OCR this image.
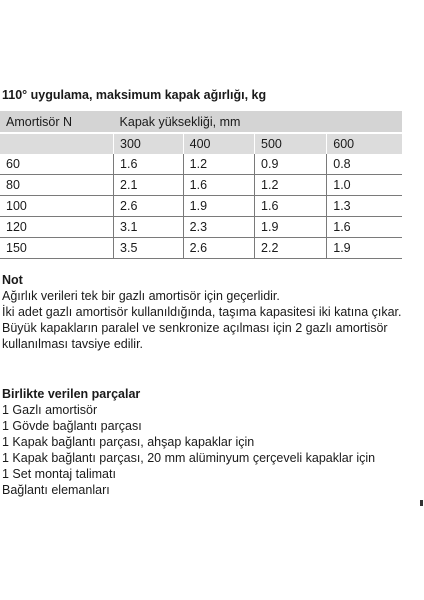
110° uygulama, maksimum kapak ağırlığı, kg
Amortisör N	Kapak yüksekliği, mm			
	300	400	500	600
60	1.6	1.2	0.9	0.8
80	2.1	1.6	1.2	1.0
100	2.6	1.9	1.6	1.3
120	3.1	2.3	1.9	1.6
150	3.5	2.6	2.2	1.9

Not

Ağırlık verileri tek bir gazlı amortisör için geçerlidir.

İki adet gazlı amortisör kullanıldığında, taşıma kapasitesi iki katına çıkar.

Büyük kapakların paralel ve senkronize açılması için 2 gazlı amortisör kullanılması tavsiye edilir.

Birlikte verilen parçalar

1 Gazlı amortisör

1 Gövde bağlantı parçası

1 Kapak bağlantı parçası, ahşap kapaklar için

1 Kapak bağlantı parçası, 20 mm alüminyum çerçeveli kapaklar için

1 Set montaj talimatı

Bağlantı elemanları
